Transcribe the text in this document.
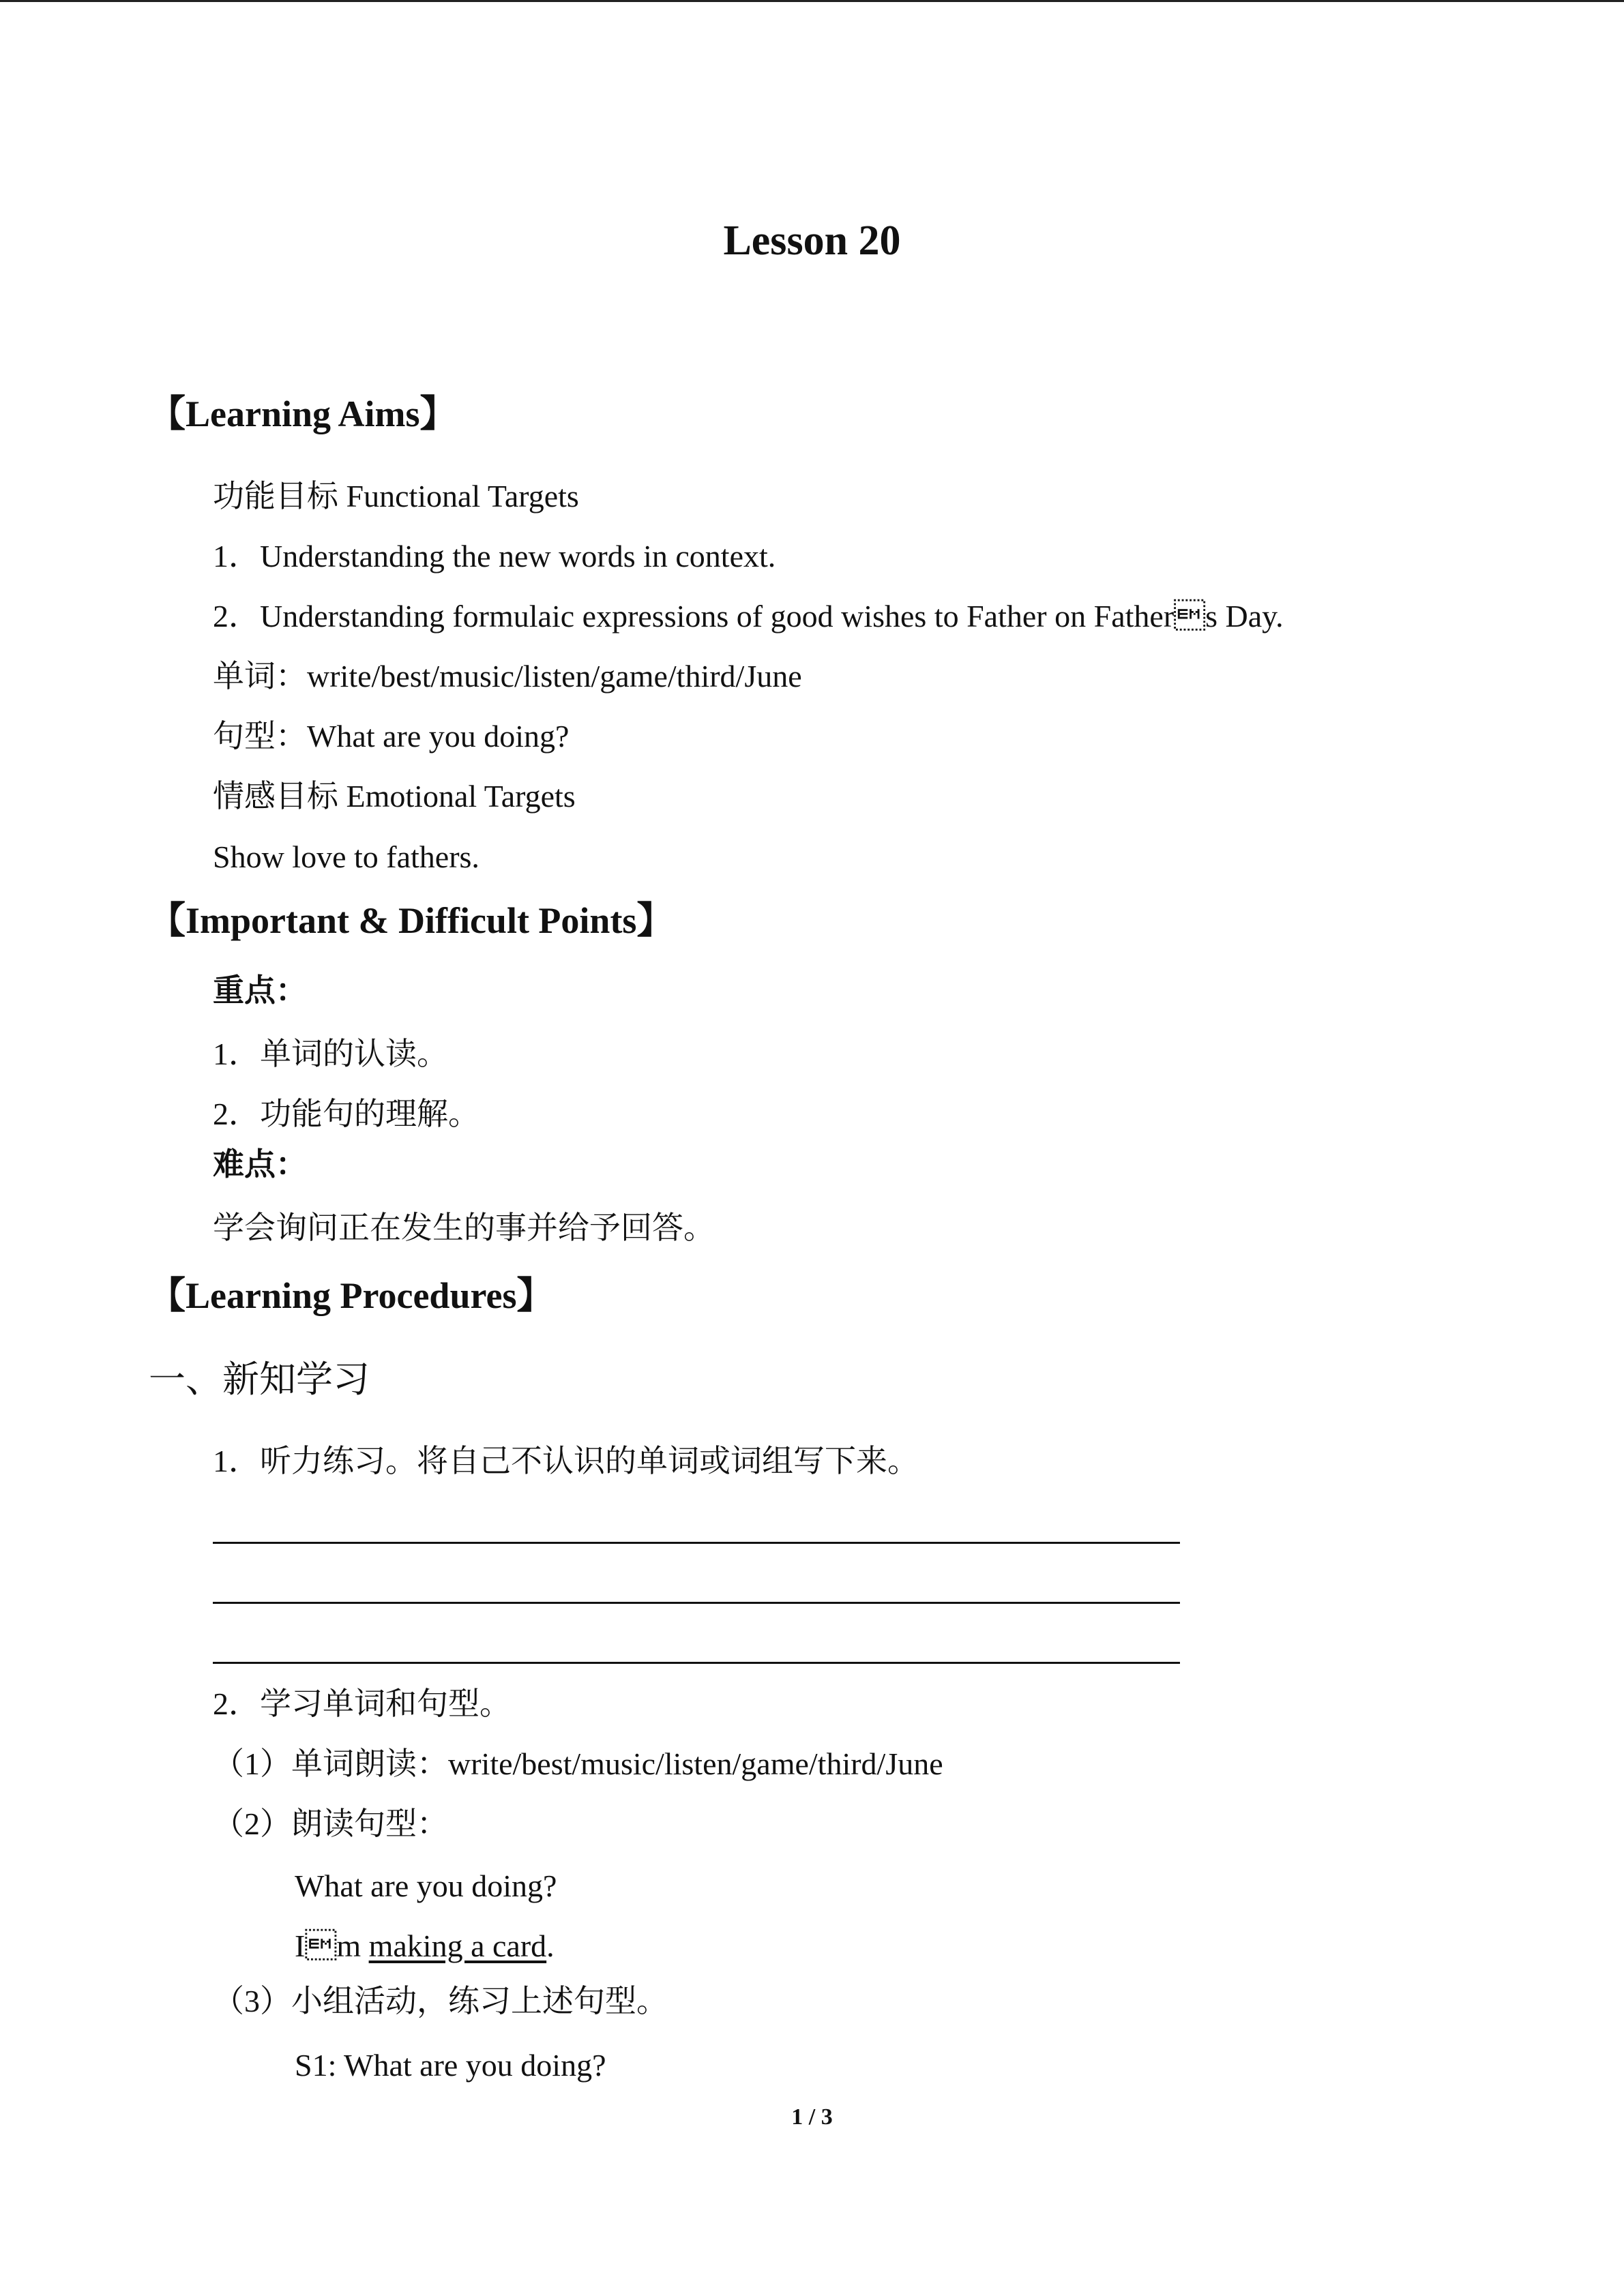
Lesson 20
【Learning Aims】
功能目标 Functional Targets
1．Understanding the new words in context.
2．Understanding formulaic expressions of good wishes to Father on Fathers Day.
单词：write/best/music/listen/game/third/June
句型：What are you doing?
情感目标 Emotional Targets
Show love to fathers.
【Important & Difficult Points】
重点：
1．单词的认读。
2．功能句的理解。
难点：
学会询问正在发生的事并给予回答。
【Learning Procedures】
一、新知学习
1．听力练习。将自己不认识的单词或词组写下来。
2．学习单词和句型。
（1）单词朗读：write/best/music/listen/game/third/June
（2）朗读句型：
What are you doing?
Im making a card.
（3）小组活动，练习上述句型。
S1: What are you doing?
1 / 3
